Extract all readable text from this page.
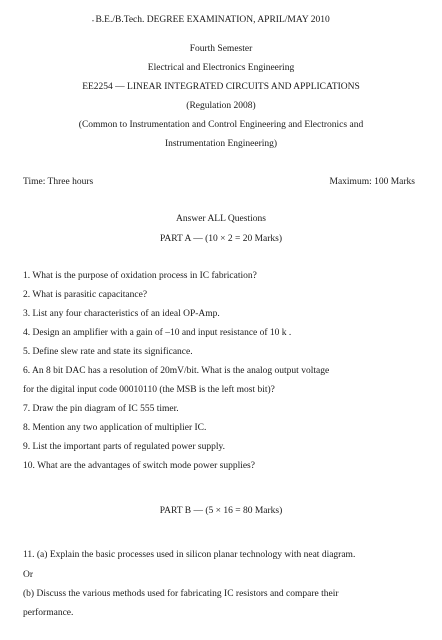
$_"$B.E./B.Tech. DEGREE EXAMINATION, APRIL/MAY 2010
Fourth Semester
Electrical and Electronics Engineering
EE2254 — LINEAR INTEGRATED CIRCUITS AND APPLICATIONS
(Regulation 2008)
(Common to Instrumentation and Control Engineering and Electronics and
Instrumentation Engineering)
Time: Three hours	Maximum: 100 Marks
Answer ALL Questions
PART A — (10 × 2 = 20 Marks)
1. What is the purpose of oxidation process in IC fabrication?
2. What is parasitic capacitance?
3. List any four characteristics of an ideal OP-Amp.
4. Design an amplifier with a gain of –10 and input resistance of 10 k .
5. Define slew rate and state its significance.
6. An 8 bit DAC has a resolution of 20mV/bit. What is the analog output voltage
for the digital input code 00010110 (the MSB is the left most bit)?
7. Draw the pin diagram of IC 555 timer.
8. Mention any two application of multiplier IC.
9. List the important parts of regulated power supply.
10. What are the advantages of switch mode power supplies?
PART B — (5 × 16 = 80 Marks)
11. (a) Explain the basic processes used in silicon planar technology with neat diagram.
Or
(b) Discuss the various methods used for fabricating IC resistors and compare their
performance.
